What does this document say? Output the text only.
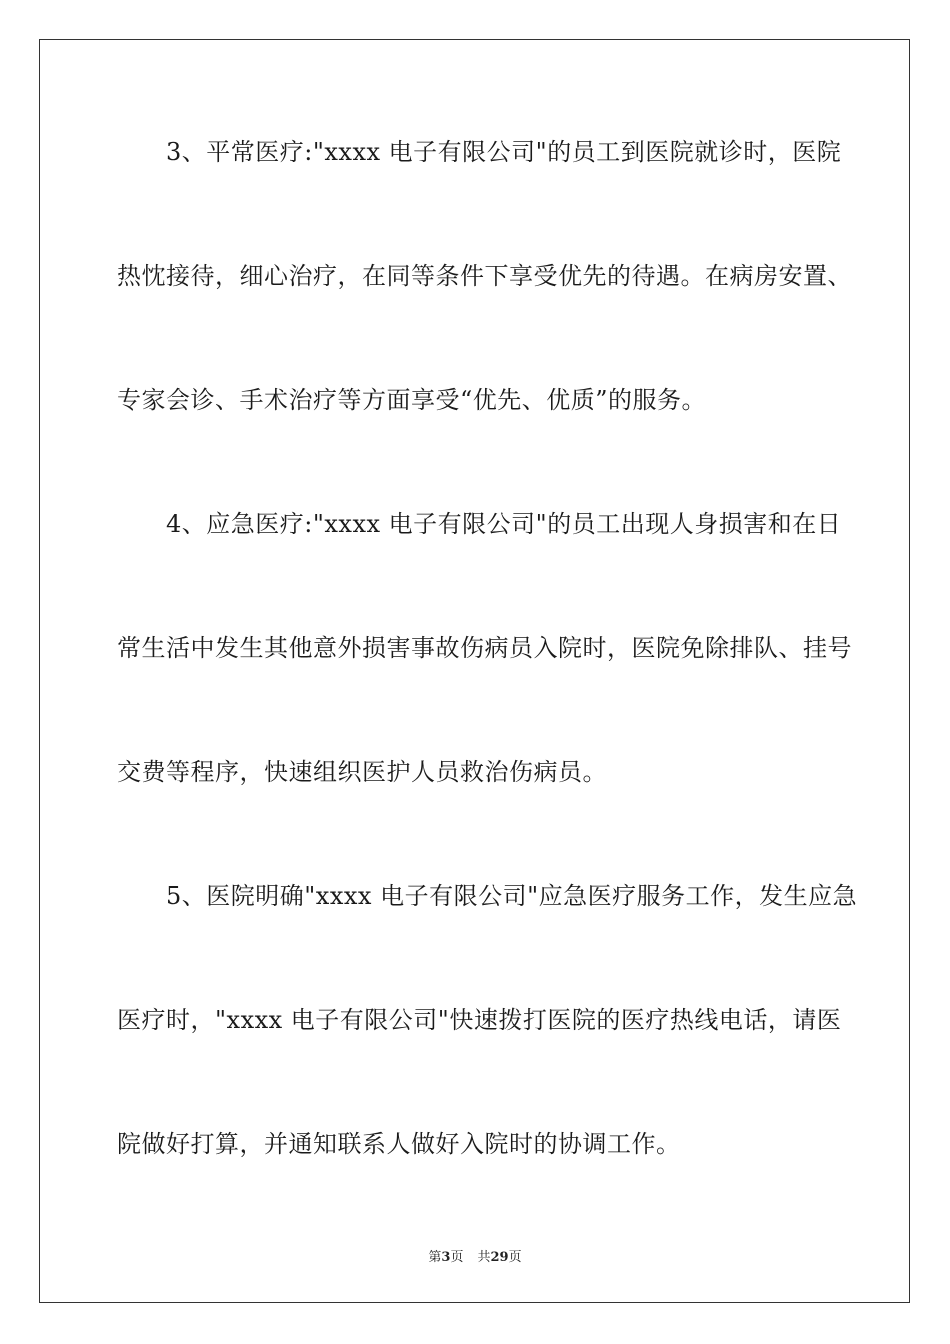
　　3、平常医疗:"xxxx 电子有限公司"的员工到医院就诊时，医院
热忱接待，细心治疗，在同等条件下享受优先的待遇。在病房安置、
专家会诊、手术治疗等方面享受“优先、优质”的服务。
　　4、应急医疗:"xxxx 电子有限公司"的员工出现人身损害和在日
常生活中发生其他意外损害事故伤病员入院时，医院免除排队、挂号
交费等程序，快速组织医护人员救治伤病员。
　　5、医院明确"xxxx 电子有限公司"应急医疗服务工作，发生应急
医疗时，"xxxx 电子有限公司"快速拨打医院的医疗热线电话，请医
院做好打算，并通知联系人做好入院时的协调工作。
第3页 共29页
